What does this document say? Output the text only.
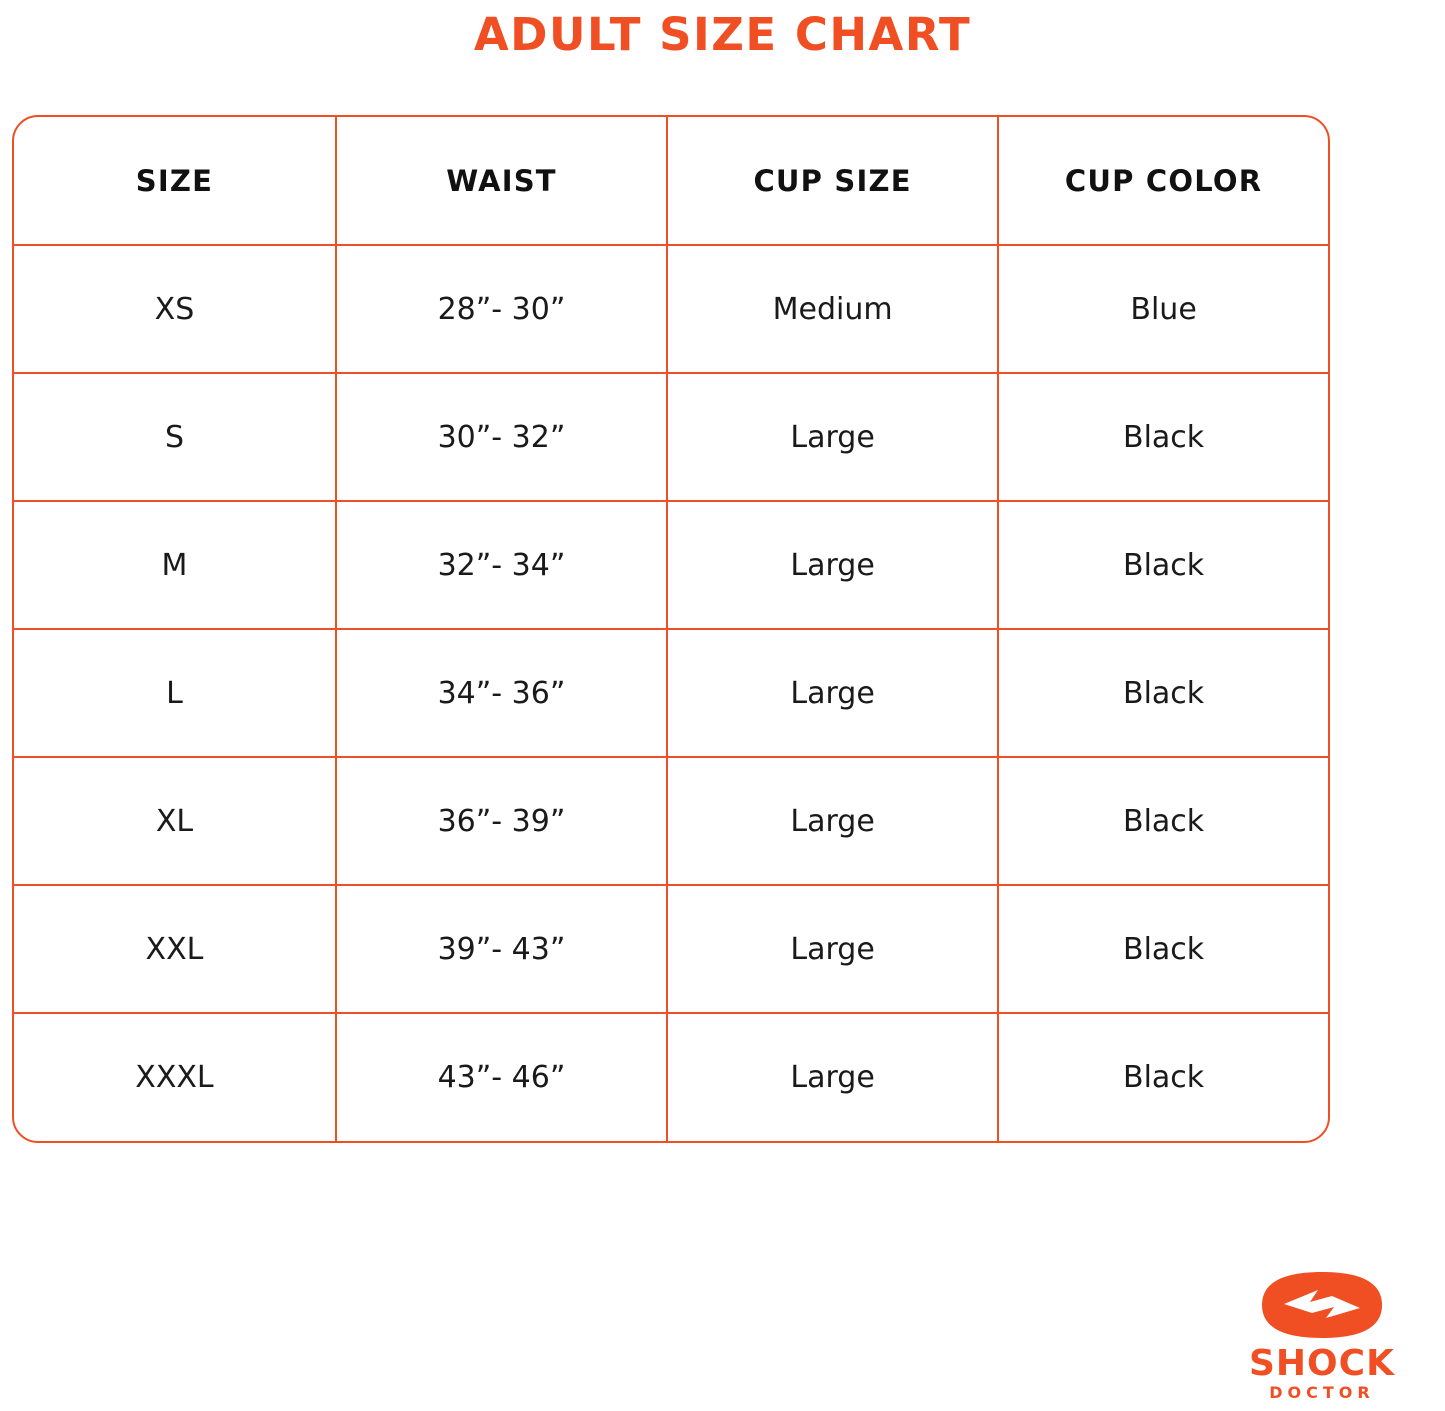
ADULT SIZE CHART
SIZE	WAIST	CUP SIZE	CUP COLOR
XS	28”- 30”	Medium	Blue
S	30”- 32”	Large	Black
M	32”- 34”	Large	Black
L	34”- 36”	Large	Black
XL	36”- 39”	Large	Black
XXL	39”- 43”	Large	Black
XXXL	43”- 46”	Large	Black
SHOCK
DOCTOR
